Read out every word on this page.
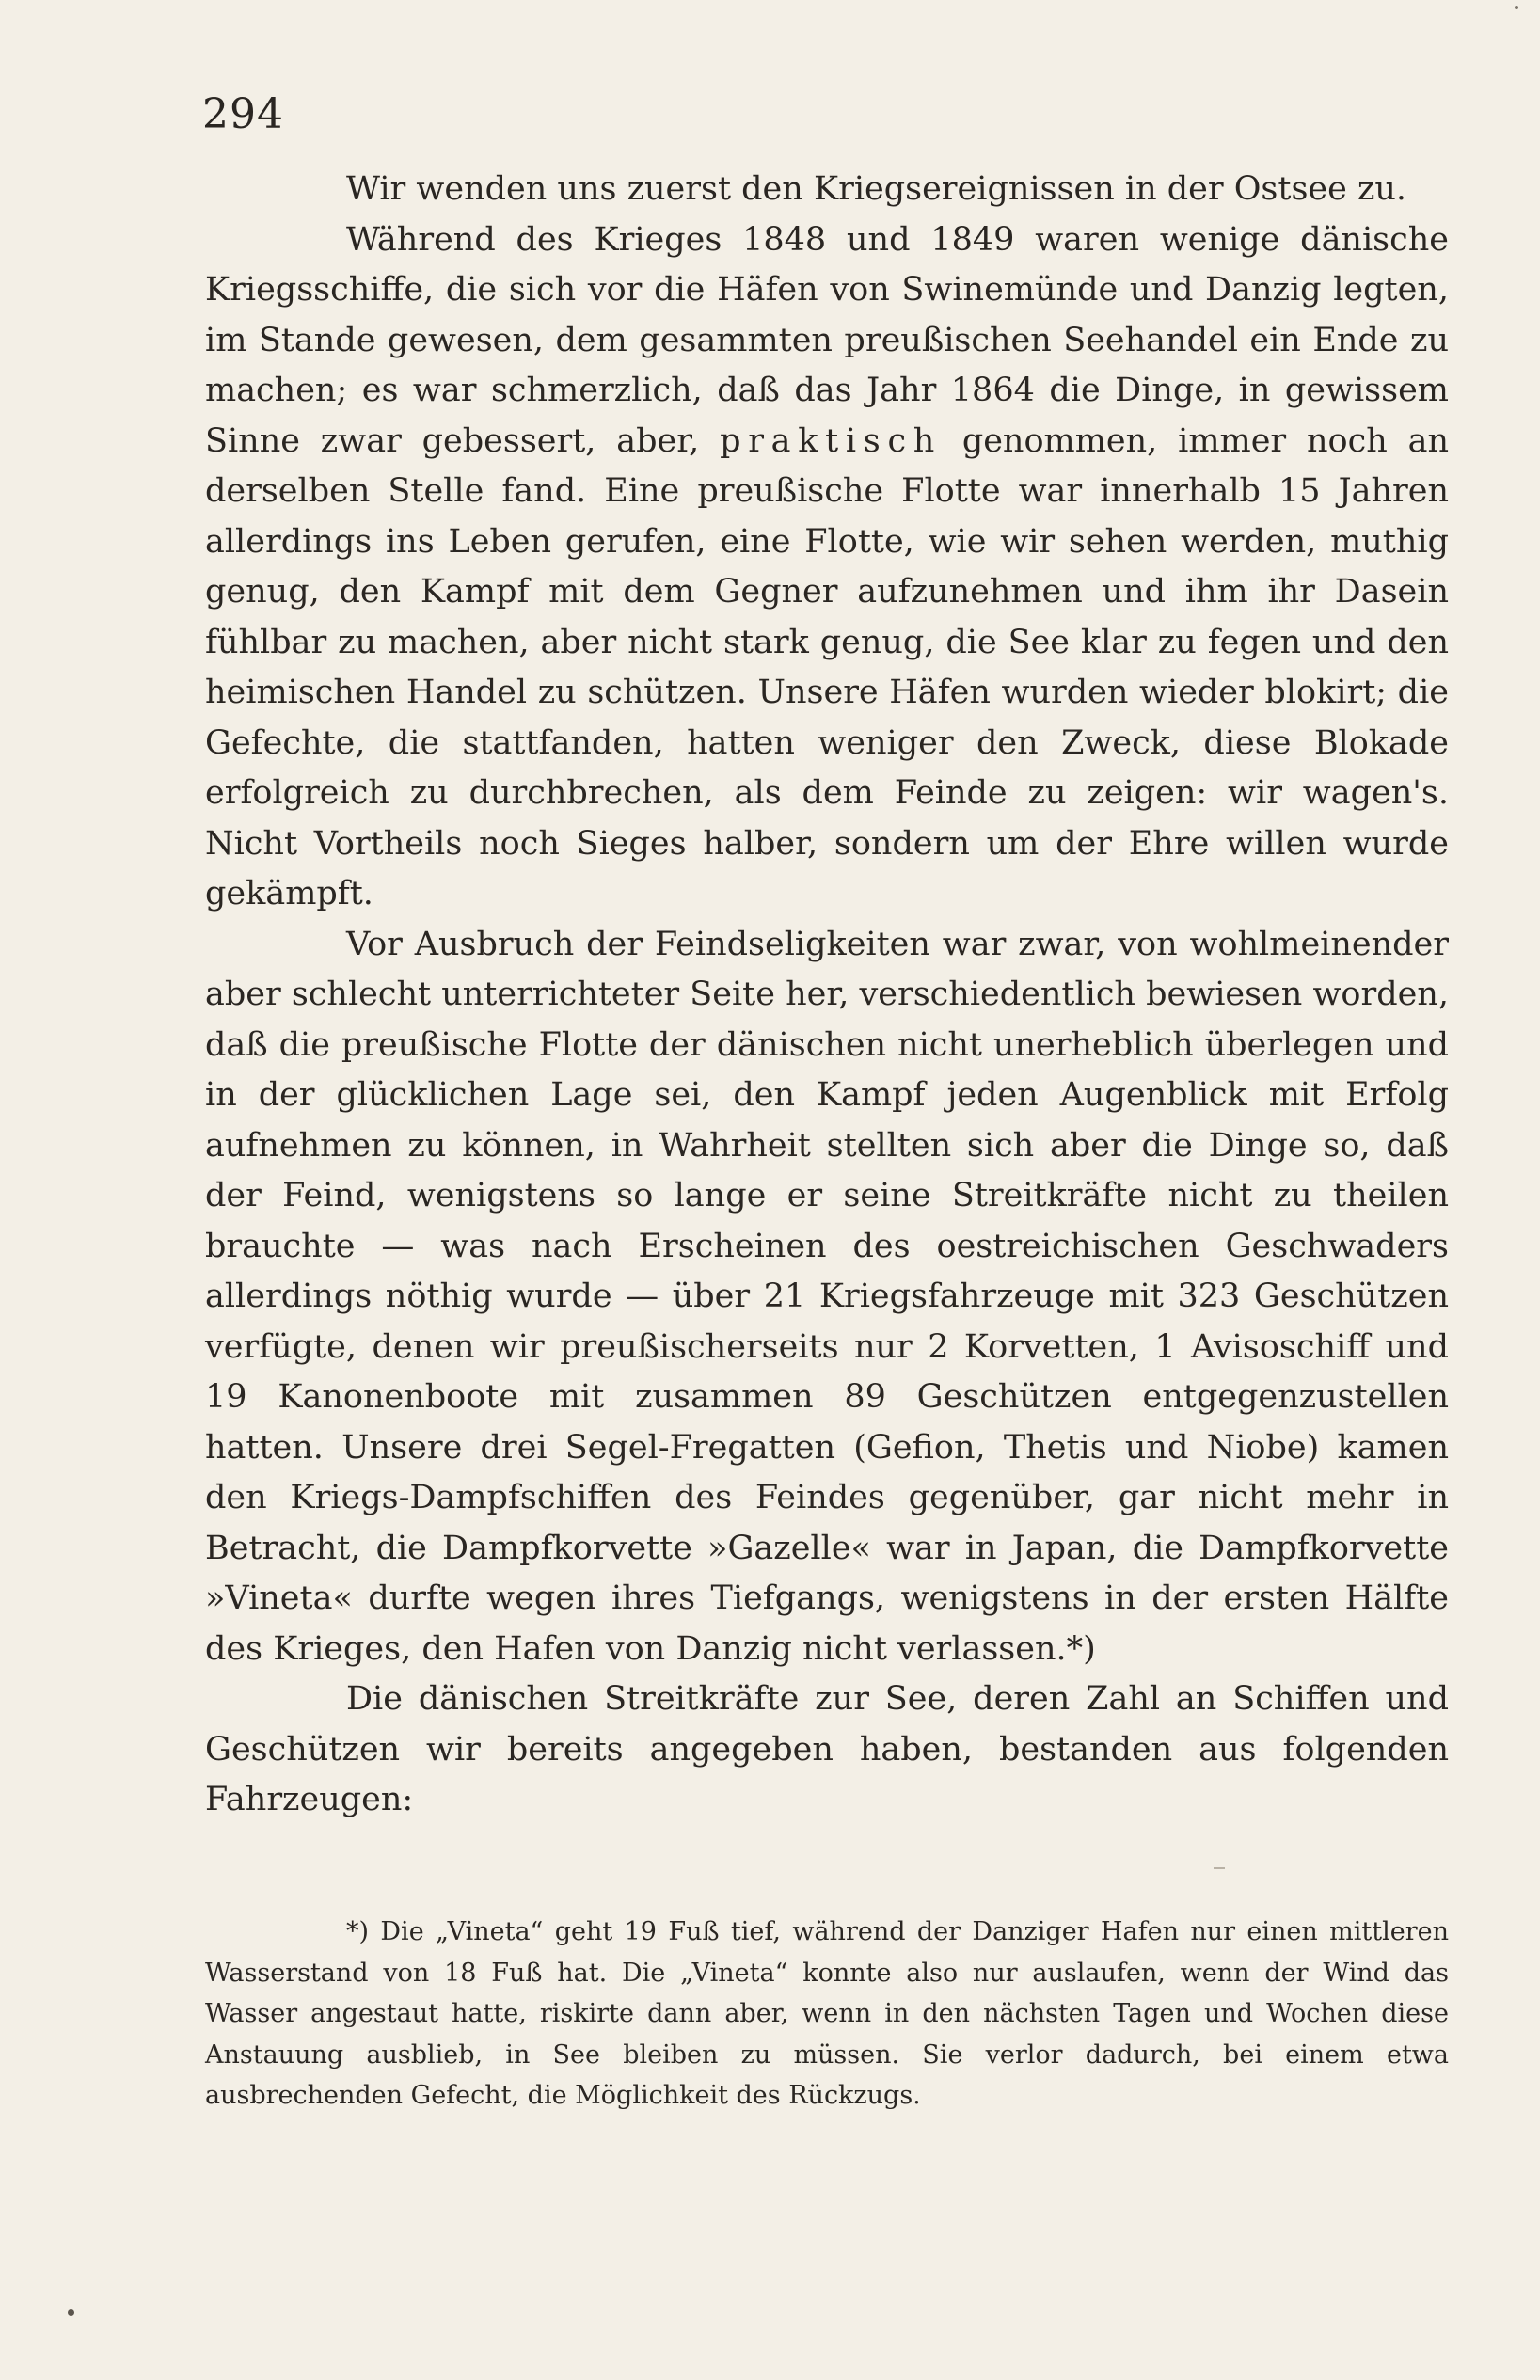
294

Wir wenden uns zuerst den Kriegsereignissen in der Ostsee zu.

Während des Krieges 1848 und 1849 waren wenige dänische Kriegsschiffe, die sich vor die Häfen von Swinemünde und Danzig legten, im Stande gewesen, dem gesammten preußischen Seehandel ein Ende zu machen; es war schmerzlich, daß das Jahr 1864 die Dinge, in gewissem Sinne zwar gebessert, aber, praktisch genommen, immer noch an derselben Stelle fand. Eine preußische Flotte war innerhalb 15 Jahren allerdings ins Leben gerufen, eine Flotte, wie wir sehen werden, muthig genug, den Kampf mit dem Gegner aufzunehmen und ihm ihr Dasein fühlbar zu machen, aber nicht stark genug, die See klar zu fegen und den heimischen Handel zu schützen. Unsere Häfen wurden wieder blokirt; die Gefechte, die stattfanden, hatten weniger den Zweck, diese Blokade erfolgreich zu durchbrechen, als dem Feinde zu zeigen: wir wagen's. Nicht Vortheils noch Sieges halber, sondern um der Ehre willen wurde gekämpft.

Vor Ausbruch der Feindseligkeiten war zwar, von wohlmeinender aber schlecht unterrichteter Seite her, verschiedentlich bewiesen worden, daß die preußische Flotte der dänischen nicht unerheblich überlegen und in der glücklichen Lage sei, den Kampf jeden Augenblick mit Erfolg aufnehmen zu können, in Wahrheit stellten sich aber die Dinge so, daß der Feind, wenigstens so lange er seine Streitkräfte nicht zu theilen brauchte — was nach Erscheinen des oestreichischen Geschwaders allerdings nöthig wurde — über 21 Kriegsfahrzeuge mit 323 Geschützen verfügte, denen wir preußischerseits nur 2 Korvetten, 1 Avisoschiff und 19 Kanonenboote mit zusammen 89 Geschützen entgegenzustellen hatten. Unsere drei Segel-Fregatten (Gefion, Thetis und Niobe) kamen den Kriegs-Dampfschiffen des Feindes gegenüber, gar nicht mehr in Betracht, die Dampfkorvette »Gazelle« war in Japan, die Dampfkorvette »Vineta« durfte wegen ihres Tiefgangs, wenigstens in der ersten Hälfte des Krieges, den Hafen von Danzig nicht verlassen.*)

Die dänischen Streitkräfte zur See, deren Zahl an Schiffen und Geschützen wir bereits angegeben haben, bestanden aus folgenden Fahrzeugen:

*) Die „Vineta“ geht 19 Fuß tief, während der Danziger Hafen nur einen mittleren Wasserstand von 18 Fuß hat. Die „Vineta“ konnte also nur auslaufen, wenn der Wind das Wasser angestaut hatte, riskirte dann aber, wenn in den nächsten Tagen und Wochen diese Anstauung ausblieb, in See bleiben zu müssen. Sie verlor dadurch, bei einem etwa ausbrechenden Gefecht, die Möglichkeit des Rückzugs.
